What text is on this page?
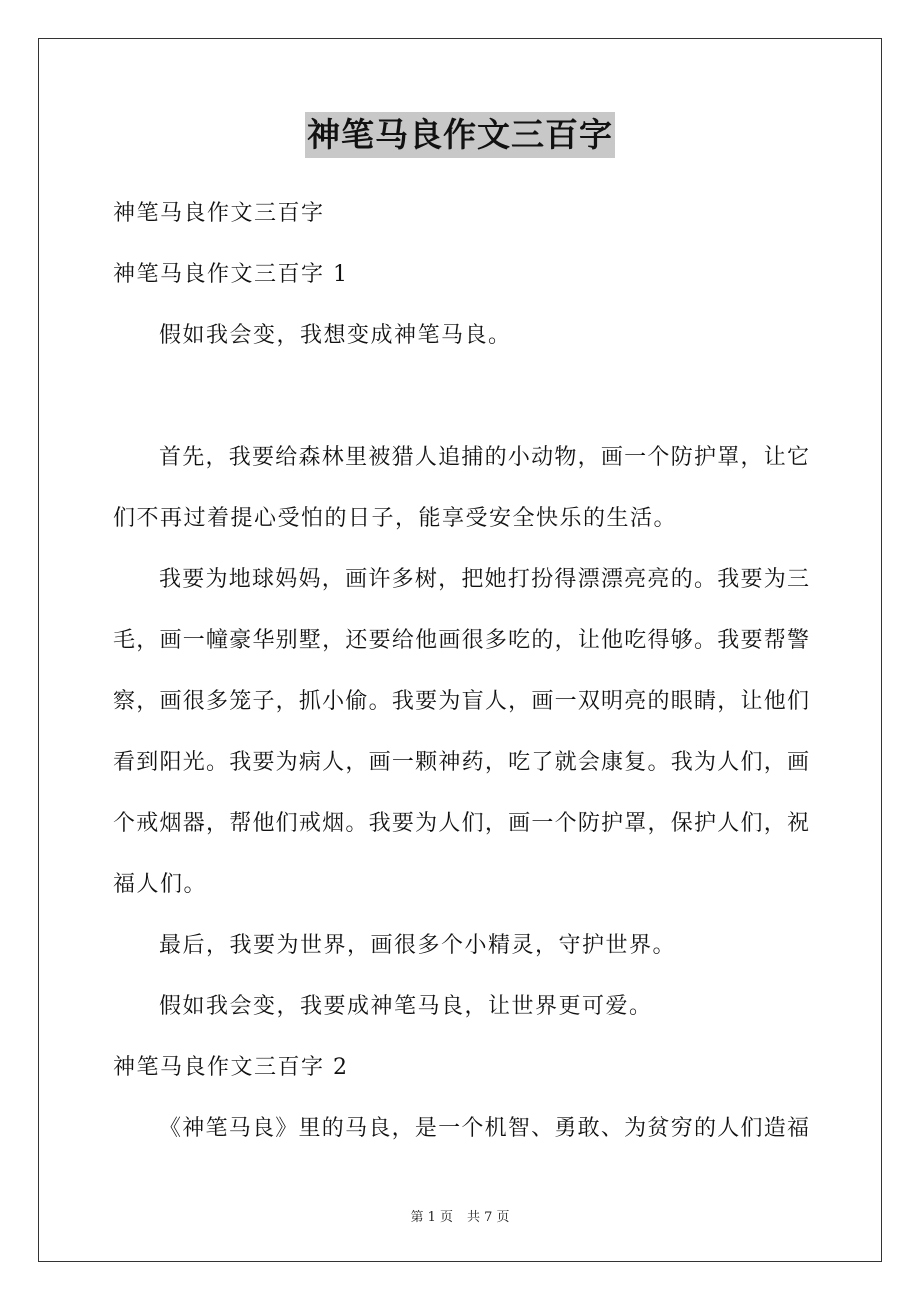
神笔马良作文三百字
神笔马良作文三百字
神笔马良作文三百字 1
假如我会变，我想变成神笔马良。
首先，我要给森林里被猎人追捕的小动物，画一个防护罩，让它
们不再过着提心受怕的日子，能享受安全快乐的生活。
我要为地球妈妈，画许多树，把她打扮得漂漂亮亮的。我要为三
毛，画一幢豪华别墅，还要给他画很多吃的，让他吃得够。我要帮警
察，画很多笼子，抓小偷。我要为盲人，画一双明亮的眼睛，让他们
看到阳光。我要为病人，画一颗神药，吃了就会康复。我为人们，画
个戒烟器，帮他们戒烟。我要为人们，画一个防护罩，保护人们，祝
福人们。
最后，我要为世界，画很多个小精灵，守护世界。
假如我会变，我要成神笔马良，让世界更可爱。
神笔马良作文三百字 2
《神笔马良》里的马良，是一个机智、勇敢、为贫穷的人们造福
第 1 页 共 7 页
